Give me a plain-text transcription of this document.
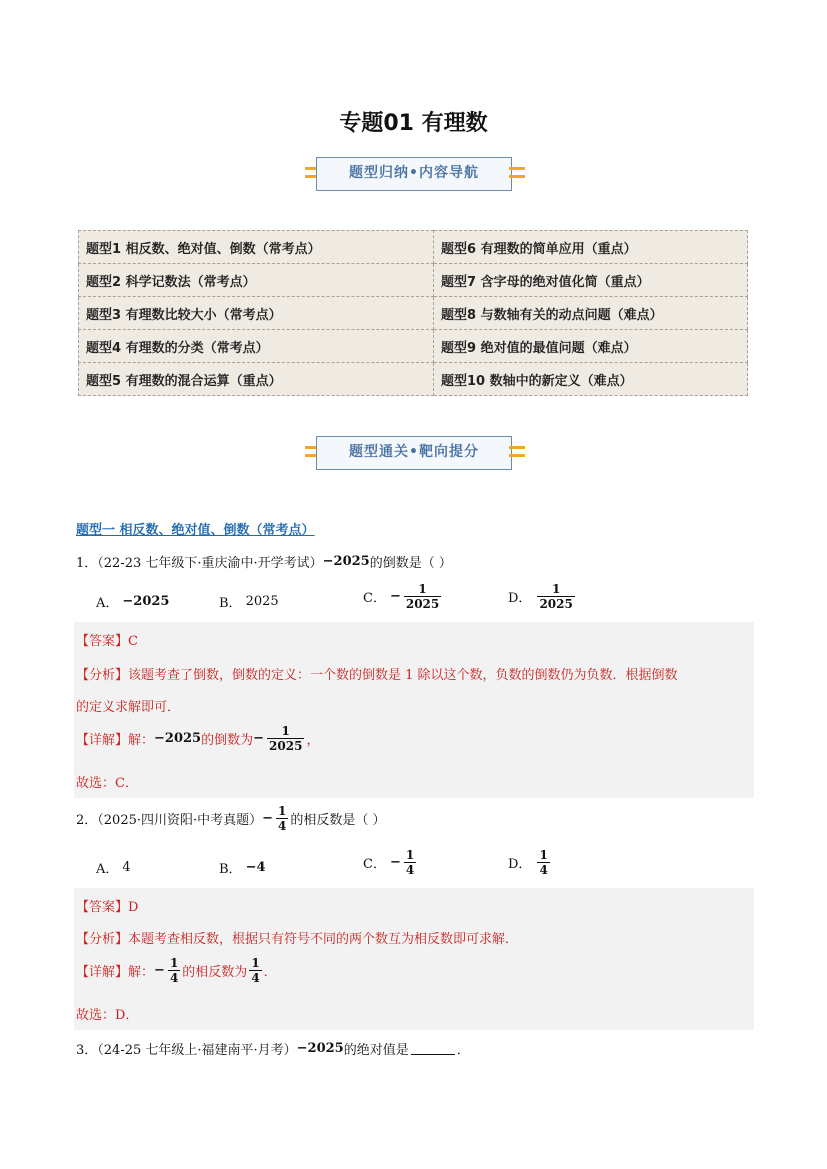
专题01 有理数
题型归纳•内容导航
题型1 相反数、绝对值、倒数（常考点）	题型6 有理数的简单应用（重点）
题型2 科学记数法（常考点）	题型7 含字母的绝对值化简（重点）
题型3 有理数比较大小（常考点）	题型8 与数轴有关的动点问题（难点）
题型4 有理数的分类（常考点）	题型9 绝对值的最值问题（难点）
题型5 有理数的混合运算（重点）	题型10 数轴中的新定义（难点）
题型通关•靶向提分
题型一 相反数、绝对值、倒数（常考点）
1．（22-23 七年级下·重庆渝中·开学考试） −2025 的倒数是（ ）
A． −2025	B． 2025	C． − $\frac{1}{2025}$	D． $\frac{1}{2025}$
【答案】C
【分析】 该题考查了倒数，倒数的定义：一个数的倒数是 1 除以这个数，负数的倒数仍为负数．根据倒数
的定义求解即可．
【详解】 解： −2025 的倒数为 − $\frac{1}{2025}$ ，
故选：C．
2．（2025·四川资阳·中考真题） − $\frac{1}{4}$ 的相反数是（ ）
A． 4	B． −4	C． − $\frac{1}{4}$	D． $\frac{1}{4}$
【答案】D
【分析】 本题考查相反数，根据只有符号不同的两个数互为相反数即可求解．
【详解】 解： − $\frac{1}{4}$ 的相反数为 $\frac{1}{4}$ ．
故选：D．
3．（24-25 七年级上·福建南平·月考） −2025 的绝对值是	．
